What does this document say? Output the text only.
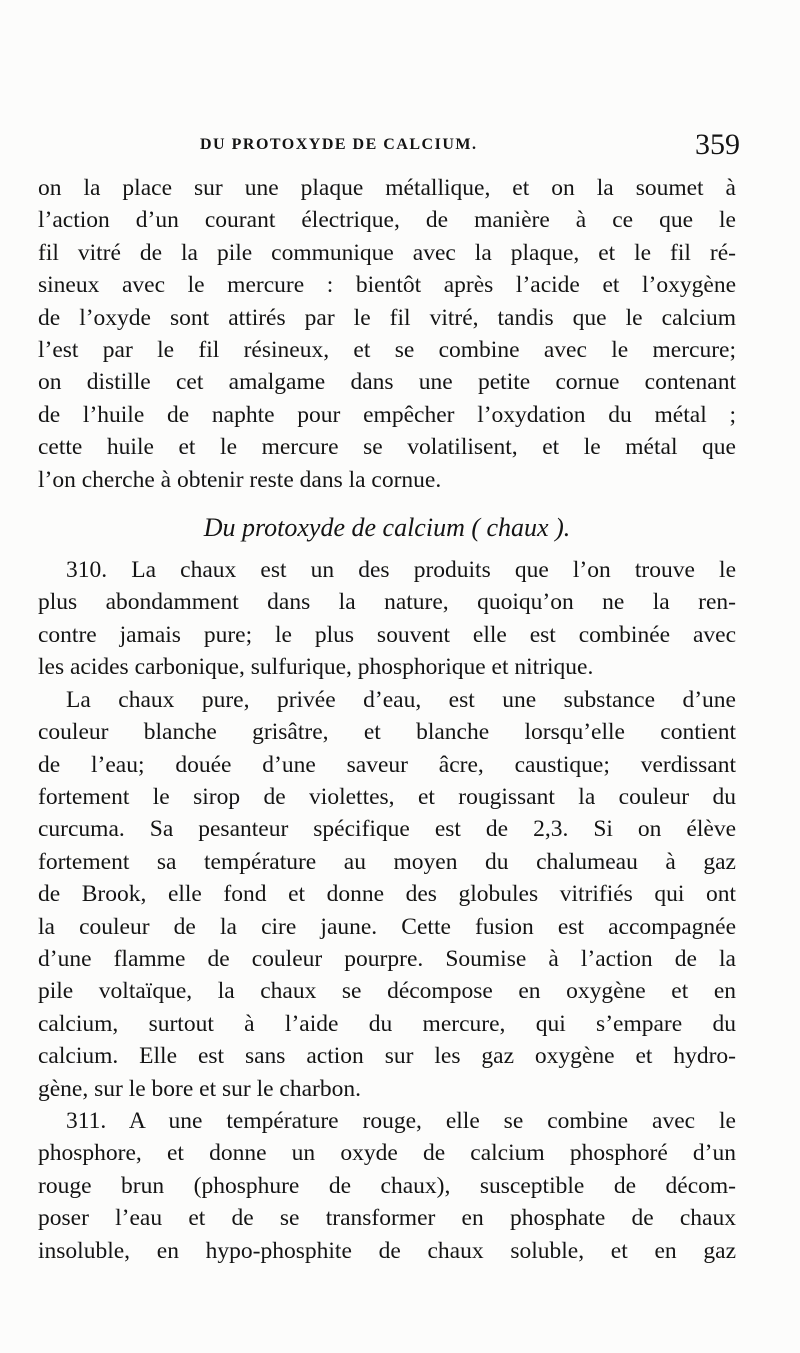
DU PROTOXYDE DE CALCIUM.	359
on la place sur une plaque métallique, et on la soumet à
l’action d’un courant électrique, de manière à ce que le
fil vitré de la pile communique avec la plaque, et le fil ré-
sineux avec le mercure : bientôt après l’acide et l’oxygène
de l’oxyde sont attirés par le fil vitré, tandis que le calcium
l’est par le fil résineux, et se combine avec le mercure;
on distille cet amalgame dans une petite cornue contenant
de l’huile de naphte pour empêcher l’oxydation du métal ;
cette huile et le mercure se volatilisent, et le métal que
l’on cherche à obtenir reste dans la cornue.
Du protoxyde de calcium ( chaux ).
310. La chaux est un des produits que l’on trouve le
plus abondamment dans la nature, quoiqu’on ne la ren-
contre jamais pure; le plus souvent elle est combinée avec
les acides carbonique, sulfurique, phosphorique et nitrique.
La chaux pure, privée d’eau, est une substance d’une
couleur blanche grisâtre, et blanche lorsqu’elle contient
de l’eau; douée d’une saveur âcre, caustique; verdissant
fortement le sirop de violettes, et rougissant la couleur du
curcuma. Sa pesanteur spécifique est de 2,3. Si on élève
fortement sa température au moyen du chalumeau à gaz
de Brook, elle fond et donne des globules vitrifiés qui ont
la couleur de la cire jaune. Cette fusion est accompagnée
d’une flamme de couleur pourpre. Soumise à l’action de la
pile voltaïque, la chaux se décompose en oxygène et en
calcium, surtout à l’aide du mercure, qui s’empare du
calcium. Elle est sans action sur les gaz oxygène et hydro-
gène, sur le bore et sur le charbon.
311. A une température rouge, elle se combine avec le
phosphore, et donne un oxyde de calcium phosphoré d’un
rouge brun (phosphure de chaux), susceptible de décom-
poser l’eau et de se transformer en phosphate de chaux
insoluble, en hypo-phosphite de chaux soluble, et en gaz
